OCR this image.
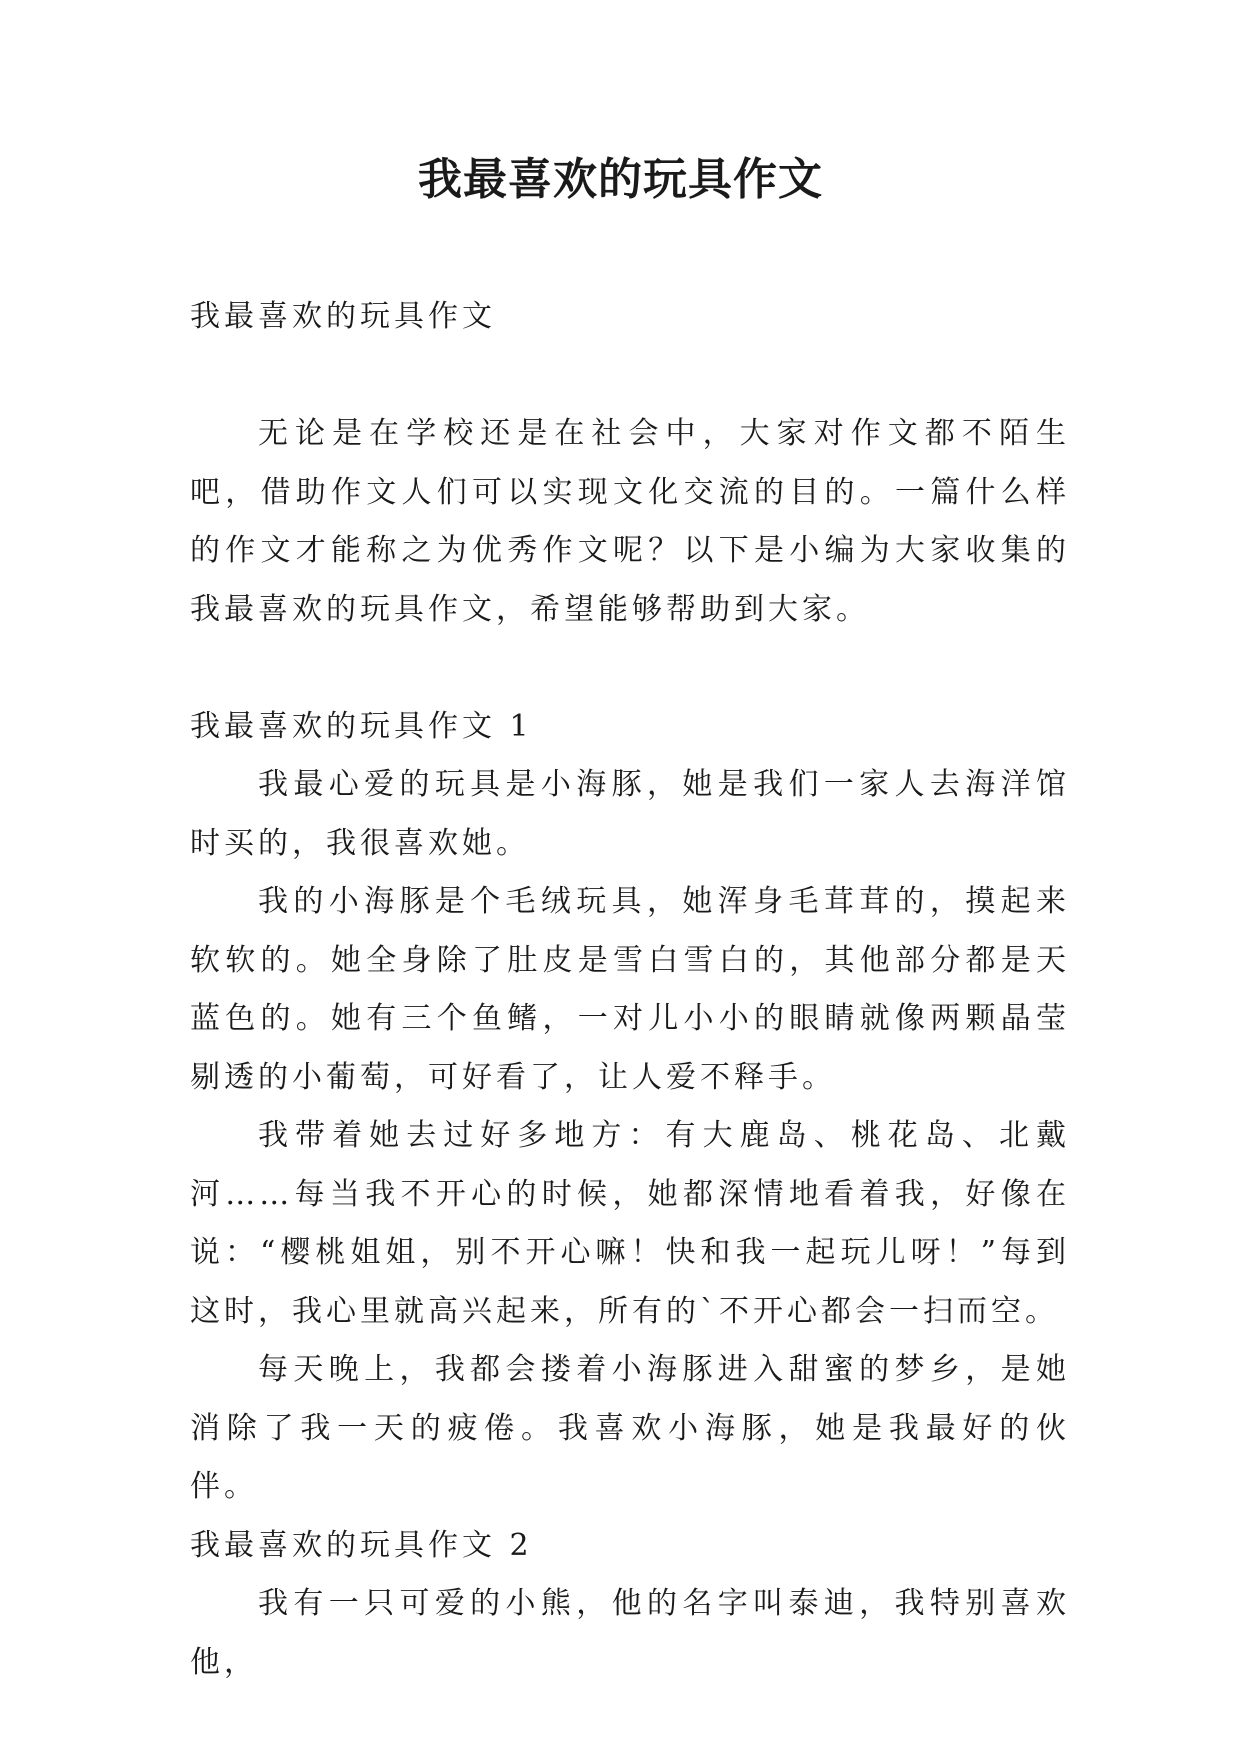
我最喜欢的玩具作文

我最喜欢的玩具作文

无论是在学校还是在社会中，大家对作文都不陌生吧，借助作文人们可以实现文化交流的目的。一篇什么样的作文才能称之为优秀作文呢？以下是小编为大家收集的我最喜欢的玩具作文，希望能够帮助到大家。

我最喜欢的玩具作文 1

我最心爱的玩具是小海豚，她是我们一家人去海洋馆时买的，我很喜欢她。

我的小海豚是个毛绒玩具，她浑身毛茸茸的，摸起来软软的。她全身除了肚皮是雪白雪白的，其他部分都是天蓝色的。她有三个鱼鳍，一对儿小小的眼睛就像两颗晶莹剔透的小葡萄，可好看了，让人爱不释手。

我带着她去过好多地方：有大鹿岛、桃花岛、北戴河……每当我不开心的时候，她都深情地看着我，好像在说：“樱桃姐姐，别不开心嘛！快和我一起玩儿呀！”每到这时，我心里就高兴起来，所有的`不开心都会一扫而空。

每天晚上，我都会搂着小海豚进入甜蜜的梦乡，是她消除了我一天的疲倦。我喜欢小海豚，她是我最好的伙伴。

我最喜欢的玩具作文 2

我有一只可爱的小熊，他的名字叫泰迪，我特别喜欢他，
